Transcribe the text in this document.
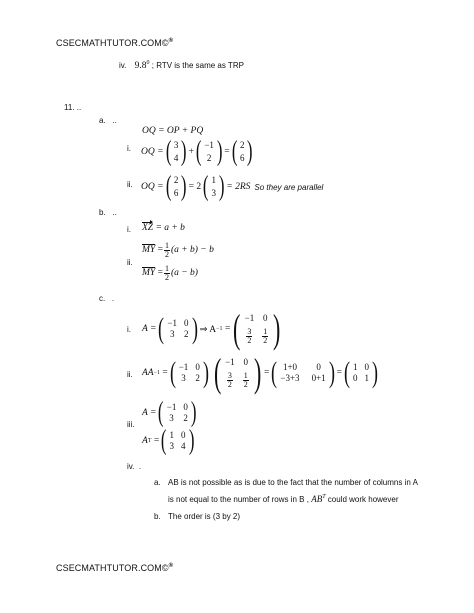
CSECMATHTUTOR.COM©®
iv. $9.8^0$ ; RTV is the same as TRP
11. ..
a. ..
OQ = OP + PQ
i. OQ = ( 3
4 ) + ( −1
2 ) = ( 2
6 )
ii. OQ = ( 2
6 ) = 2 ( 1
3 ) = 2RS So they are parallel
b. ..
i. XZ = a + b
ii.
$\overline{MY}$
= $\frac{1}{2} (a + b) - b$
$\overline{MY}$
= $\frac{1}{2} (a - b)$
c. .
i. A = ( −1 0
3 2 ) ⇒ A −1
= ( −1 0
$\frac{3}{2} \frac{1}{2}$ )
ii. AA −1
= ( −1 0
3 2 ) ( −1 0
$\frac{3}{2} \frac{1}{2}$ ) = ( 1+0	0
−3+3 0+1 ) = ( 1 0
0 1 )
iii.
A = ( −1 0
3 2 )
A T
= ( 1 0
3 4 )
iv. .
a. AB is not possible as is due to the fact that the number of columns in A
is not equal to the number of rows in B , $AB^T$ could work however
b. The order is (3 by 2)
CSECMATHTUTOR.COM©®
